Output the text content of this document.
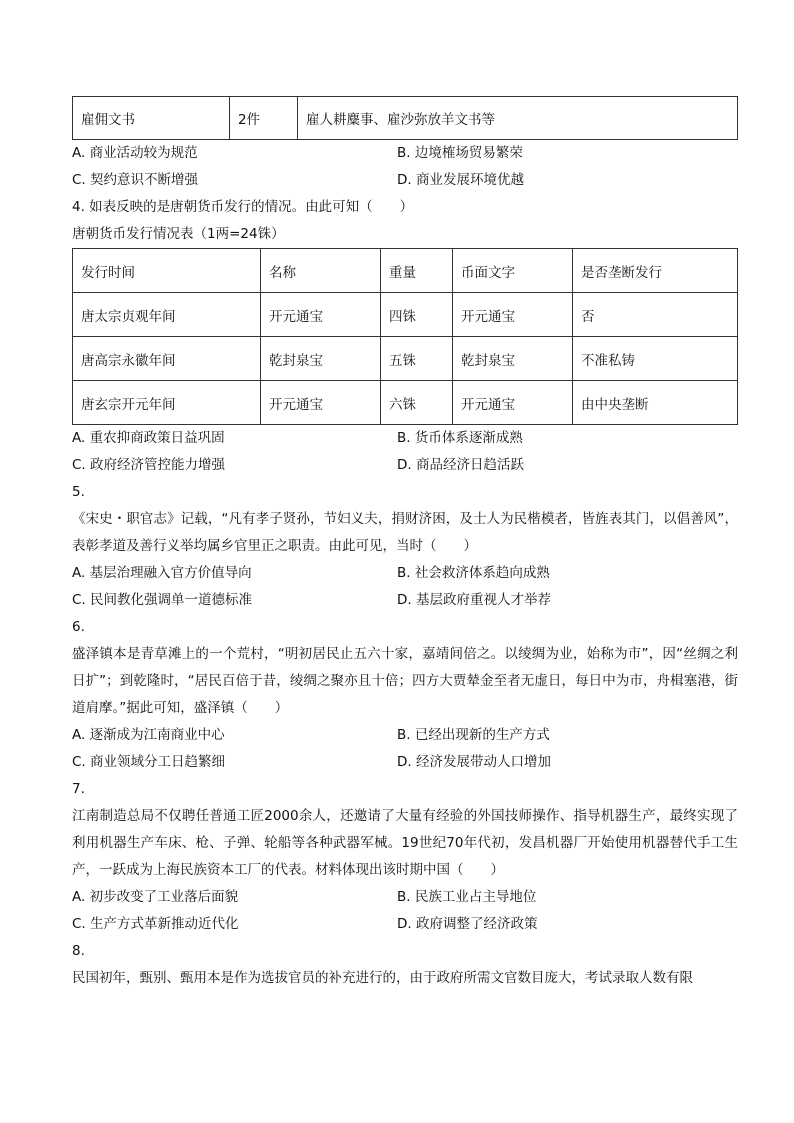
雇佣文书	2件	雇人耕麋事、雇沙弥放羊文书等
A. 商业活动较为规范	B. 边境榷场贸易繁荣
C. 契约意识不断增强	D. 商业发展环境优越
4. 如表反映的是唐朝货币发行的情况。由此可知（　　）
唐朝货币发行情况表（1两=24铢）
发行时间	名称	重量	币面文字	是否垄断发行
唐太宗贞观年间	开元通宝	四铢	开元通宝	否
唐高宗永徽年间	乾封泉宝	五铢	乾封泉宝	不准私铸
唐玄宗开元年间	开元通宝	六铢	开元通宝	由中央垄断
A. 重农抑商政策日益巩固	B. 货币体系逐渐成熟
C. 政府经济管控能力增强	D. 商品经济日趋活跃
5.
《宋史・职官志》记载，“凡有孝子贤孙，节妇义夫，捐财济困，及士人为民楷模者，皆旌表其门，以倡善风”，表彰孝道及善行义举均属乡官里正之职责。由此可见，当时（　　）
A. 基层治理融入官方价值导向	B. 社会救济体系趋向成熟
C. 民间教化强调单一道德标准	D. 基层政府重视人才举荐
6.
盛泽镇本是青草滩上的一个荒村，“明初居民止五六十家，嘉靖间倍之。以绫绸为业，始称为市”，因“丝绸之利日扩”；到乾隆时，“居民百倍于昔，绫绸之聚亦且十倍；四方大贾辇金至者无虚日，每日中为市，舟楫塞港，街道肩摩。”据此可知，盛泽镇（　　）
A. 逐渐成为江南商业中心	B. 已经出现新的生产方式
C. 商业领域分工日趋繁细	D. 经济发展带动人口增加
7.
江南制造总局不仅聘任普通工匠2000余人，还邀请了大量有经验的外国技师操作、指导机器生产，最终实现了利用机器生产车床、枪、子弹、轮船等各种武器军械。19世纪70年代初，发昌机器厂开始使用机器替代手工生产，一跃成为上海民族资本工厂的代表。材料体现出该时期中国（　　）
A. 初步改变了工业落后面貌	B. 民族工业占主导地位
C. 生产方式革新推动近代化	D. 政府调整了经济政策
8.
民国初年，甄别、甄用本是作为选拔官员的补充进行的，由于政府所需文官数目庞大，考试录取人数有限
